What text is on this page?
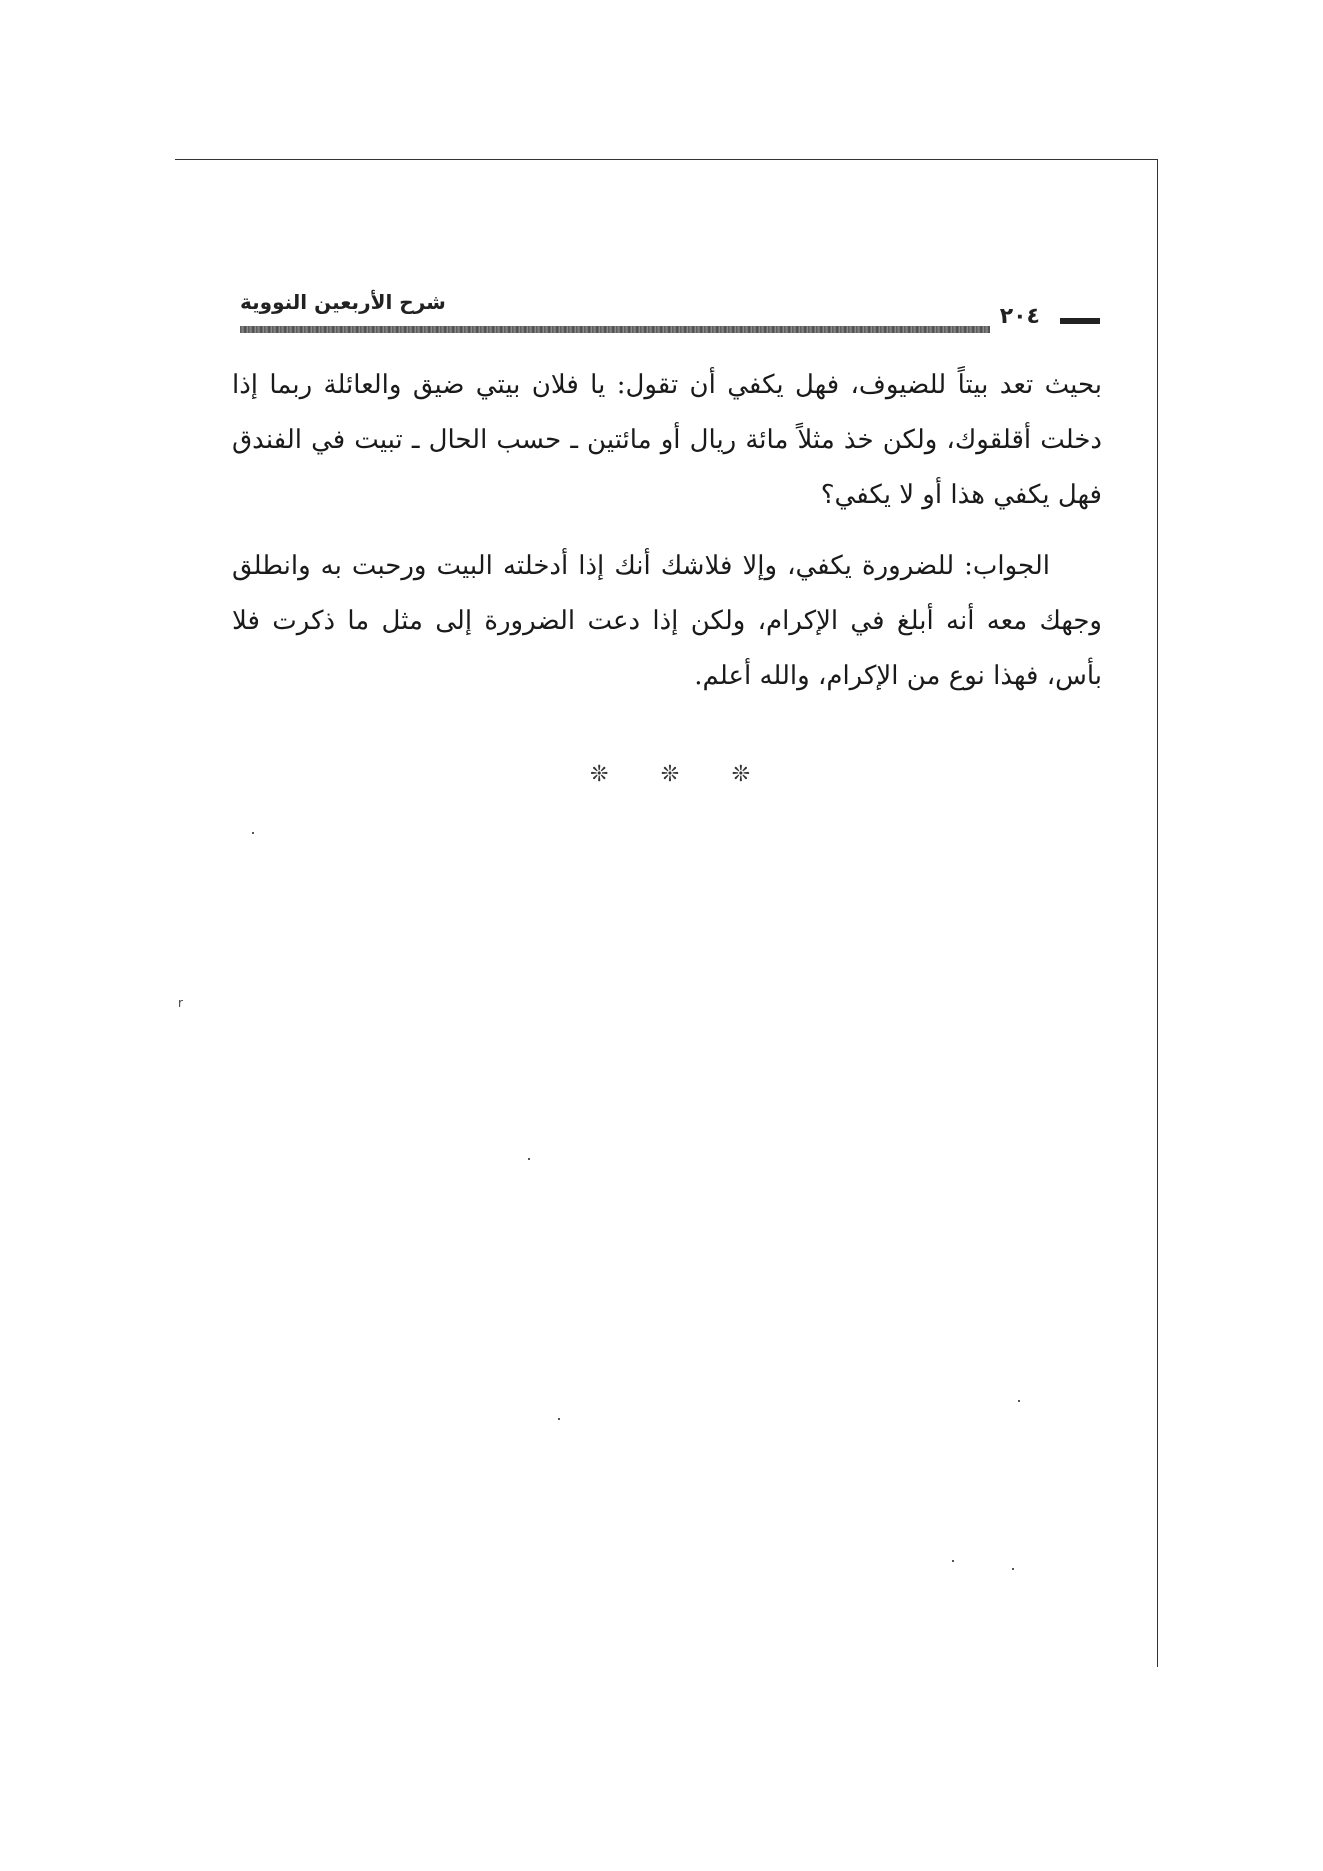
شرح الأربعين النووية
٢٠٤

بحيث تعد بيتاً للضيوف، فهل يكفي أن تقول: يا فلان بيتي ضيق والعائلة ربما إذا دخلت أقلقوك، ولكن خذ مثلاً مائة ريال أو مائتين ـ حسب الحال ـ تبيت في الفندق فهل يكفي هذا أو لا يكفي؟

الجواب: للضرورة يكفي، وإلا فلاشك أنك إذا أدخلته البيت ورحبت به وانطلق وجهك معه أنه أبلغ في الإكرام، ولكن إذا دعت الضرورة إلى مثل ما ذكرت فلا بأس، فهذا نوع من الإكرام، والله أعلم.

❊ ❊ ❊
r
